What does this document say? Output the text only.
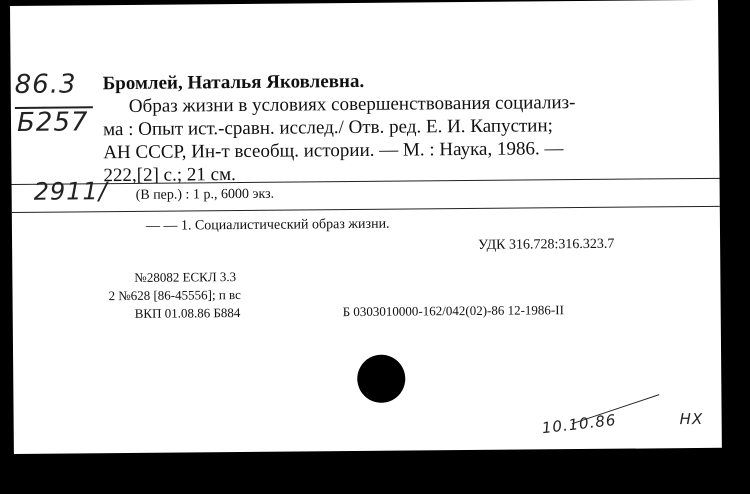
86.3
Б257
2911/
Бромлей, Наталья Яковлевна.
Образ жизни в условиях совершенствования социализ-
ма : Опыт ист.-сравн. исслед./ Отв. ред. Е. И. Капустин;
АН СССР, Ин-т всеобщ. истории. — М. : Наука, 1986. —
222,[2] с.; 21 см.
(В пер.) : 1 р., 6000 экз.
— — 1. Социалистический образ жизни.
УДК 316.728:316.323.7
№28082 ЕСКЛ 3.3
2 №628 [86-45556]; п вс
ВКП 01.08.86 Б884	Б 0303010000-162/042(02)-86 12-1986-II
10.10.86	НХ
